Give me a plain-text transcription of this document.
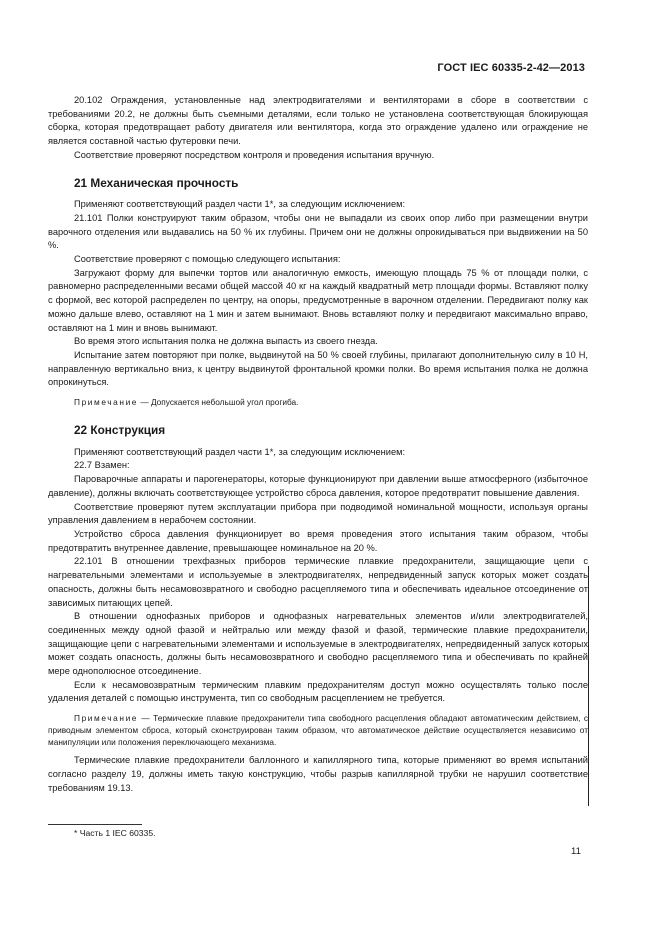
ГОСТ IEC 60335-2-42—2013

20.102 Ограждения, установленные над электродвигателями и вентиляторами в сборе в соответствии с требованиями 20.2, не должны быть съемными деталями, если только не установлена соответствующая блокирующая сборка, которая предотвращает работу двигателя или вентилятора, когда это ограждение удалено или ограждение не является составной частью футеровки печи.

Соответствие проверяют посредством контроля и проведения испытания вручную.

21 Механическая прочность

Применяют соответствующий раздел части 1*, за следующим исключением:

21.101 Полки конструируют таким образом, чтобы они не выпадали из своих опор либо при размещении внутри варочного отделения или выдавались на 50 % их глубины. Причем они не должны опрокидываться при выдвижении на 50 %.

Соответствие проверяют с помощью следующего испытания:

Загружают форму для выпечки тортов или аналогичную емкость, имеющую площадь 75 % от площади полки, с равномерно распределенными весами общей массой 40 кг на каждый квадратный метр площади формы. Вставляют полку с формой, вес которой распределен по центру, на опоры, предусмотренные в варочном отделении. Передвигают полку как можно дальше влево, оставляют на 1 мин и затем вынимают. Вновь вставляют полку и передвигают максимально вправо, оставляют на 1 мин и вновь вынимают.

Во время этого испытания полка не должна выпасть из своего гнезда.

Испытание затем повторяют при полке, выдвинутой на 50 % своей глубины, прилагают дополнительную силу в 10 Н, направленную вертикально вниз, к центру выдвинутой фронтальной кромки полки. Во время испытания полка не должна опрокинуться.

Примечание — Допускается небольшой угол прогиба.

22 Конструкция

Применяют соответствующий раздел части 1*, за следующим исключением:

22.7 Взамен:

Пароварочные аппараты и парогенераторы, которые функционируют при давлении выше атмосферного (избыточное давление), должны включать соответствующее устройство сброса давления, которое предотвратит повышение давления.

Соответствие проверяют путем эксплуатации прибора при подводимой номинальной мощности, используя органы управления давлением в нерабочем состоянии.

Устройство сброса давления функционирует во время проведения этого испытания таким образом, чтобы предотвратить внутреннее давление, превышающее номинальное на 20 %.

22.101 В отношении трехфазных приборов термические плавкие предохранители, защищающие цепи с нагревательными элементами и используемые в электродвигателях, непредвиденный запуск которых может создать опасность, должны быть несамовозвратного и свободно расцепляемого типа и обеспечивать идеальное отсоединение от зависимых питающих цепей.

В отношении однофазных приборов и однофазных нагревательных элементов и/или электродвигателей, соединенных между одной фазой и нейтралью или между фазой и фазой, термические плавкие предохранители, защищающие цепи с нагревательными элементами и используемые в электродвигателях, непредвиденный запуск которых может создать опасность, должны быть несамовозвратного и свободно расцепляемого типа и обеспечивать по крайней мере однополюсное отсоединение.

Если к несамовозвратным термическим плавким предохранителям доступ можно осуществлять только после удаления деталей с помощью инструмента, тип со свободным расцеплением не требуется.

Примечание — Термические плавкие предохранители типа свободного расцепления обладают автоматическим действием, с приводным элементом сброса, который сконструирован таким образом, что автоматическое действие осуществляется независимо от манипуляции или положения переключающего механизма.

Термические плавкие предохранители баллонного и капиллярного типа, которые применяют во время испытаний согласно разделу 19, должны иметь такую конструкцию, чтобы разрыв капиллярной трубки не нарушил соответствие требованиям 19.13.

* Часть 1 IEC 60335.
11
